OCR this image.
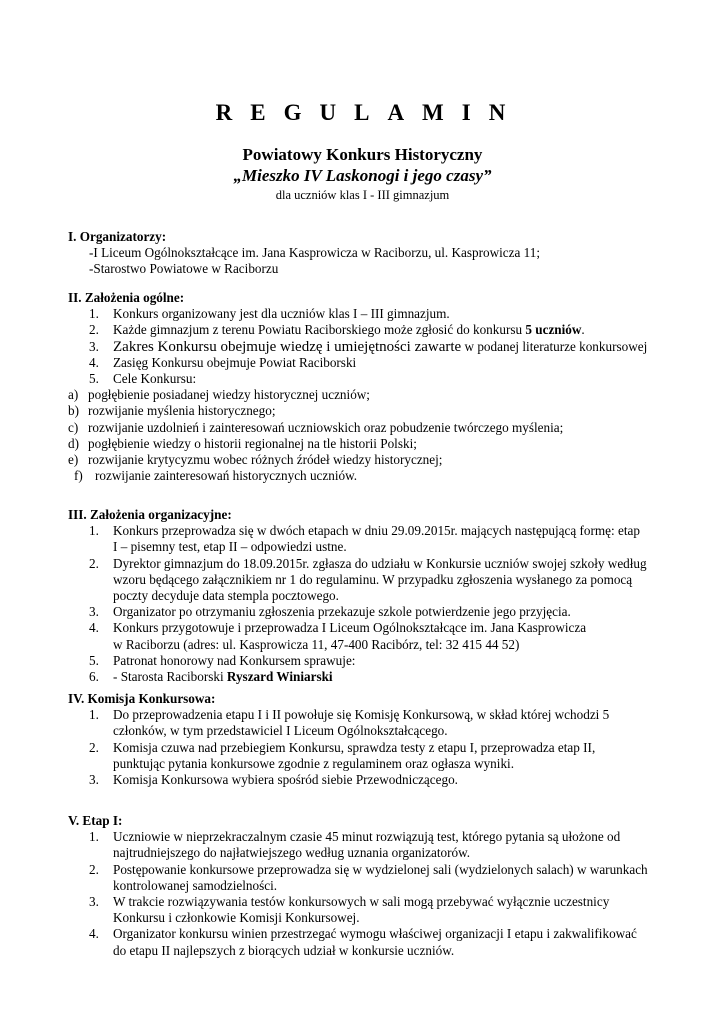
REGULAMIN
Powiatowy Konkurs Historyczny
„Mieszko IV Laskonogi i jego czasy”
dla uczniów klas I - III gimnazjum

I. Organizatorzy:

-I Liceum Ogólnokształcące im. Jana Kasprowicza w Raciborzu, ul. Kasprowicza 11;

-Starostwo Powiatowe w Raciborzu

II. Założenia ogólne:

1. Konkurs organizowany jest dla uczniów klas I – III gimnazjum.

2. Każde gimnazjum z terenu Powiatu Raciborskiego może zgłosić do konkursu 5 uczniów.

3. Zakres Konkursu obejmuje wiedzę i umiejętności zawarte w podanej literaturze konkursowej

4. Zasięg Konkursu obejmuje Powiat Raciborski

5. Cele Konkursu:

a) pogłębienie posiadanej wiedzy historycznej uczniów;

b) rozwijanie myślenia historycznego;

c) rozwijanie uzdolnień i zainteresowań uczniowskich oraz pobudzenie twórczego myślenia;

d) pogłębienie wiedzy o historii regionalnej na tle historii Polski;

e) rozwijanie krytycyzmu wobec różnych źródeł wiedzy historycznej;

f) rozwijanie zainteresowań historycznych uczniów.

III. Założenia organizacyjne:

1. Konkurs przeprowadza się w dwóch etapach w dniu 29.09.2015r. mających następującą formę: etap
I – pisemny test, etap II – odpowiedzi ustne.

2. Dyrektor gimnazjum do 18.09.2015r. zgłasza do udziału w Konkursie uczniów swojej szkoły według
wzoru będącego załącznikiem nr 1 do regulaminu. W przypadku zgłoszenia wysłanego za pomocą
poczty decyduje data stempla pocztowego.

3. Organizator po otrzymaniu zgłoszenia przekazuje szkole potwierdzenie jego przyjęcia.

4. Konkurs przygotowuje i przeprowadza I Liceum Ogólnokształcące im. Jana Kasprowicza
w Raciborzu (adres: ul. Kasprowicza 11, 47-400 Racibórz, tel: 32 415 44 52)

5. Patronat honorowy nad Konkursem sprawuje:

6. - Starosta Raciborski Ryszard Winiarski

IV. Komisja Konkursowa:

1. Do przeprowadzenia etapu I i II powołuje się Komisję Konkursową, w skład której wchodzi 5
członków, w tym przedstawiciel I Liceum Ogólnokształcącego.

2. Komisja czuwa nad przebiegiem Konkursu, sprawdza testy z etapu I, przeprowadza etap II,
punktując pytania konkursowe zgodnie z regulaminem oraz ogłasza wyniki.

3. Komisja Konkursowa wybiera spośród siebie Przewodniczącego.

V. Etap I:

1. Uczniowie w nieprzekraczalnym czasie 45 minut rozwiązują test, którego pytania są ułożone od
najtrudniejszego do najłatwiejszego według uznania organizatorów.

2. Postępowanie konkursowe przeprowadza się w wydzielonej sali (wydzielonych salach) w warunkach
kontrolowanej samodzielności.

3. W trakcie rozwiązywania testów konkursowych w sali mogą przebywać wyłącznie uczestnicy
Konkursu i członkowie Komisji Konkursowej.

4. Organizator konkursu winien przestrzegać wymogu właściwej organizacji I etapu i zakwalifikować
do etapu II najlepszych z biorących udział w konkursie uczniów.
